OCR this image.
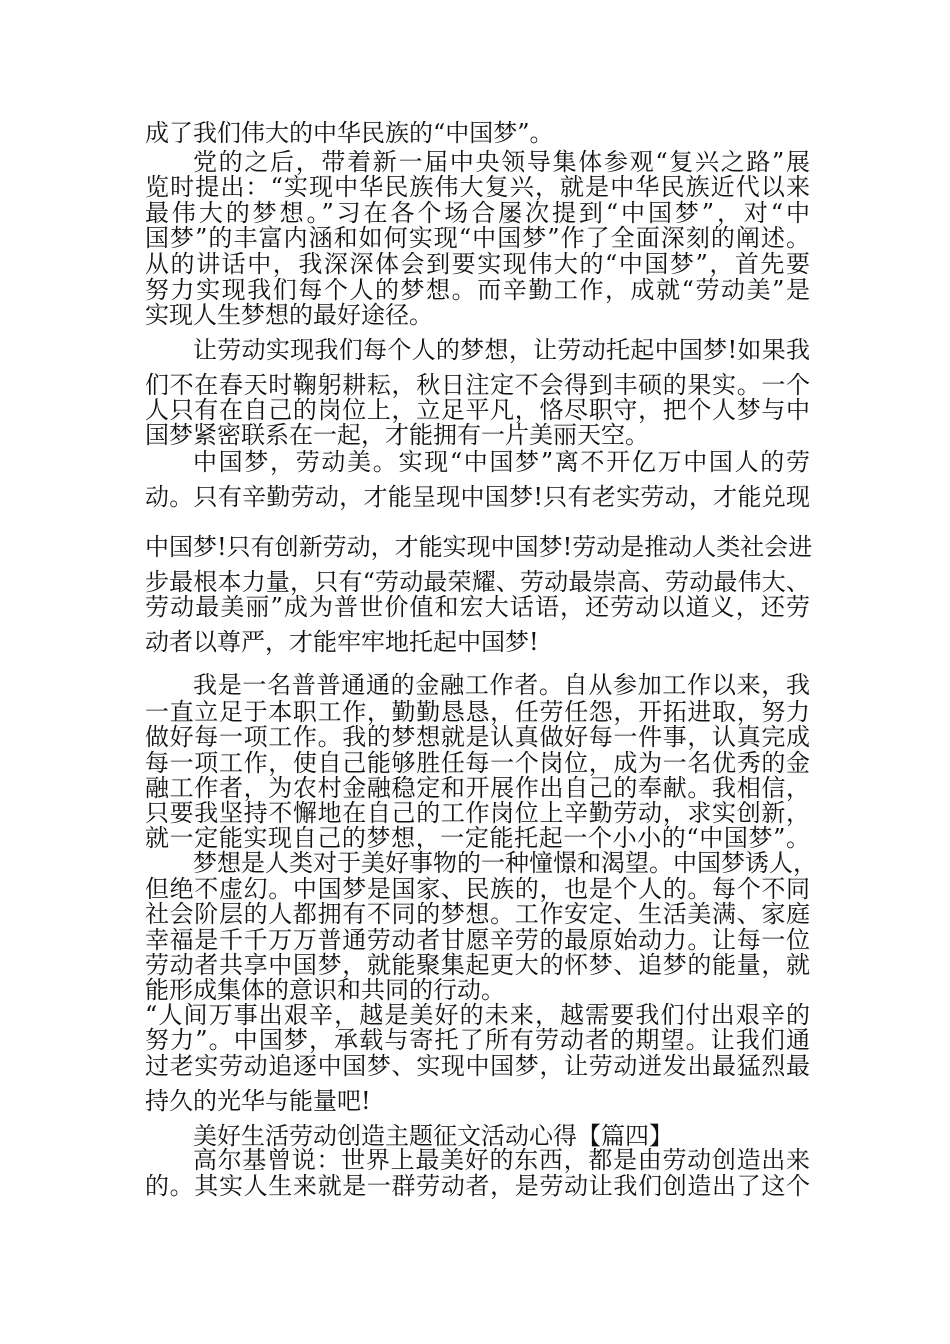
成了我们伟大的中华民族的“中国梦”。
党的之后，带着新一届中央领导集体参观“复兴之路”展
览时提出：“实现中华民族伟大复兴，就是中华民族近代以来
最伟大的梦想。”习在各个场合屡次提到“中国梦”，对“中
国梦”的丰富内涵和如何实现“中国梦”作了全面深刻的阐述。
从的讲话中，我深深体会到要实现伟大的“中国梦”，首先要
努力实现我们每个人的梦想。而辛勤工作，成就“劳动美”是
实现人生梦想的最好途径。
让劳动实现我们每个人的梦想，让劳动托起中国梦!如果我
们不在春天时鞠躬耕耘，秋日注定不会得到丰硕的果实。一个
人只有在自己的岗位上，立足平凡，恪尽职守，把个人梦与中
国梦紧密联系在一起，才能拥有一片美丽天空。
中国梦，劳动美。实现“中国梦”离不开亿万中国人的劳
动。只有辛勤劳动，才能呈现中国梦!只有老实劳动，才能兑现
中国梦!只有创新劳动，才能实现中国梦!劳动是推动人类社会进
步最根本力量，只有“劳动最荣耀、劳动最崇高、劳动最伟大、
劳动最美丽”成为普世价值和宏大话语，还劳动以道义，还劳
动者以尊严，才能牢牢地托起中国梦!
我是一名普普通通的金融工作者。自从参加工作以来，我
一直立足于本职工作，勤勤恳恳，任劳任怨，开拓进取，努力
做好每一项工作。我的梦想就是认真做好每一件事，认真完成
每一项工作，使自己能够胜任每一个岗位，成为一名优秀的金
融工作者，为农村金融稳定和开展作出自己的奉献。我相信，
只要我坚持不懈地在自己的工作岗位上辛勤劳动，求实创新，
就一定能实现自己的梦想，一定能托起一个小小的“中国梦”。
梦想是人类对于美好事物的一种憧憬和渴望。中国梦诱人，
但绝不虚幻。中国梦是国家、民族的，也是个人的。每个不同
社会阶层的人都拥有不同的梦想。工作安定、生活美满、家庭
幸福是千千万万普通劳动者甘愿辛劳的最原始动力。让每一位
劳动者共享中国梦，就能聚集起更大的怀梦、追梦的能量，就
能形成集体的意识和共同的行动。
“人间万事出艰辛，越是美好的未来，越需要我们付出艰辛的
努力”。中国梦，承载与寄托了所有劳动者的期望。让我们通
过老实劳动追逐中国梦、实现中国梦，让劳动迸发出最猛烈最
持久的光华与能量吧!
美好生活劳动创造主题征文活动心得【篇四】
高尔基曾说：世界上最美好的东西，都是由劳动创造出来
的。其实人生来就是一群劳动者，是劳动让我们创造出了这个
